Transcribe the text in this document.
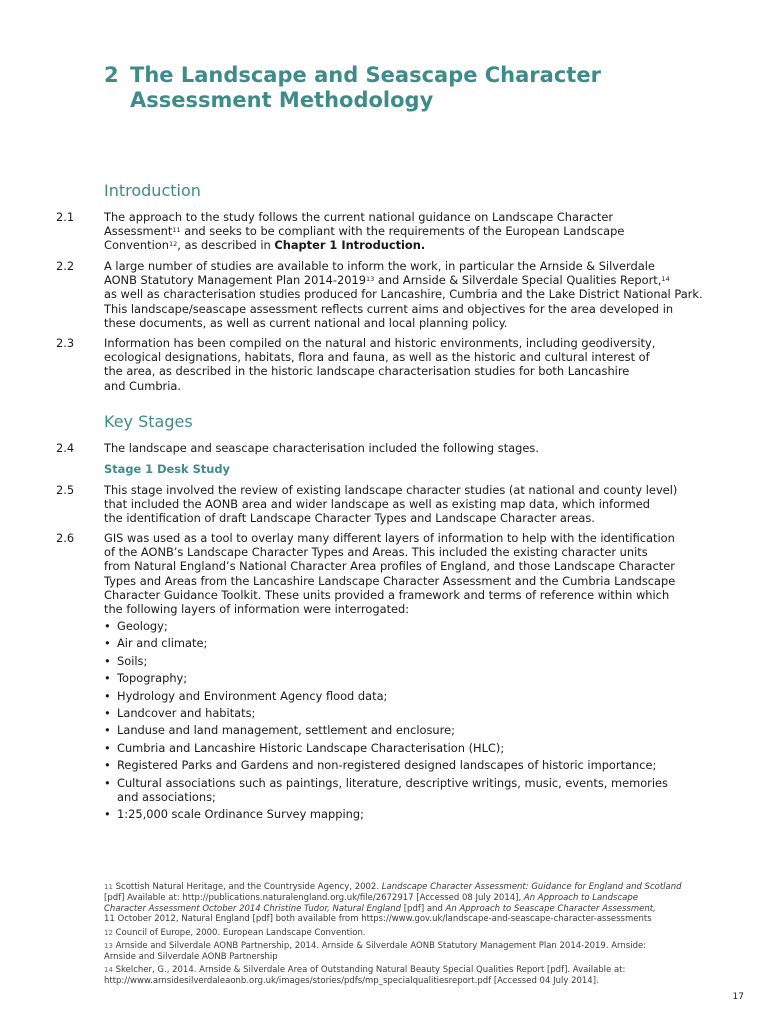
2 The Landscape and Seascape Character
Assessment Methodology
Introduction
2.1	The approach to the study follows the current national guidance on Landscape Character
Assessment$^{11}$ and seeks to be compliant with the requirements of the European Landscape
Convention$^{12}$, as described in Chapter 1 Introduction.
2.2	A large number of studies are available to inform the work, in particular the Arnside & Silverdale
AONB Statutory Management Plan 2014-2019$^{13}$ and Arnside & Silverdale Special Qualities Report,$^{14}$
as well as characterisation studies produced for Lancashire, Cumbria and the Lake District National Park.
This landscape/seascape assessment reflects current aims and objectives for the area developed in
these documents, as well as current national and local planning policy.
2.3	Information has been compiled on the natural and historic environments, including geodiversity,
ecological designations, habitats, flora and fauna, as well as the historic and cultural interest of
the area, as described in the historic landscape characterisation studies for both Lancashire
and Cumbria.
Key Stages
2.4	The landscape and seascape characterisation included the following stages.
Stage 1 Desk Study
2.5	This stage involved the review of existing landscape character studies (at national and county level)
that included the AONB area and wider landscape as well as existing map data, which informed
the identification of draft Landscape Character Types and Landscape Character areas.
2.6	GIS was used as a tool to overlay many different layers of information to help with the identification
of the AONB’s Landscape Character Types and Areas. This included the existing character units
from Natural England’s National Character Area profiles of England, and those Landscape Character
Types and Areas from the Lancashire Landscape Character Assessment and the Cumbria Landscape
Character Guidance Toolkit. These units provided a framework and terms of reference within which
the following layers of information were interrogated:
• Geology;
• Air and climate;
• Soils;
• Topography;
• Hydrology and Environment Agency flood data;
• Landcover and habitats;
• Landuse and land management, settlement and enclosure;
• Cumbria and Lancashire Historic Landscape Characterisation (HLC);
• Registered Parks and Gardens and non-registered designed landscapes of historic importance;
• Cultural associations such as paintings, literature, descriptive writings, music, events, memories
and associations;
• 1:25,000 scale Ordinance Survey mapping;
11 Scottish Natural Heritage, and the Countryside Agency, 2002. Landscape Character Assessment: Guidance for England and Scotland
[pdf] Available at: http://publications.naturalengland.org.uk/file/2672917 [Accessed 08 July 2014], An Approach to Landscape
Character Assessment October 2014 Christine Tudor, Natural England [pdf] and An Approach to Seascape Character Assessment,
11 October 2012, Natural England [pdf] both available from https://www.gov.uk/landscape-and-seascape-character-assessments
12 Council of Europe, 2000. European Landscape Convention.
13 Arnside and Silverdale AONB Partnership, 2014. Arnside & Silverdale AONB Statutory Management Plan 2014-2019. Arnside:
Arnside and Silverdale AONB Partnership
14 Skelcher, G., 2014. Arnside & Silverdale Area of Outstanding Natural Beauty Special Qualities Report [pdf]. Available at:
http://www.arnsidesilverdaleaonb.org.uk/images/stories/pdfs/mp_specialqualitiesreport.pdf [Accessed 04 July 2014].
17
